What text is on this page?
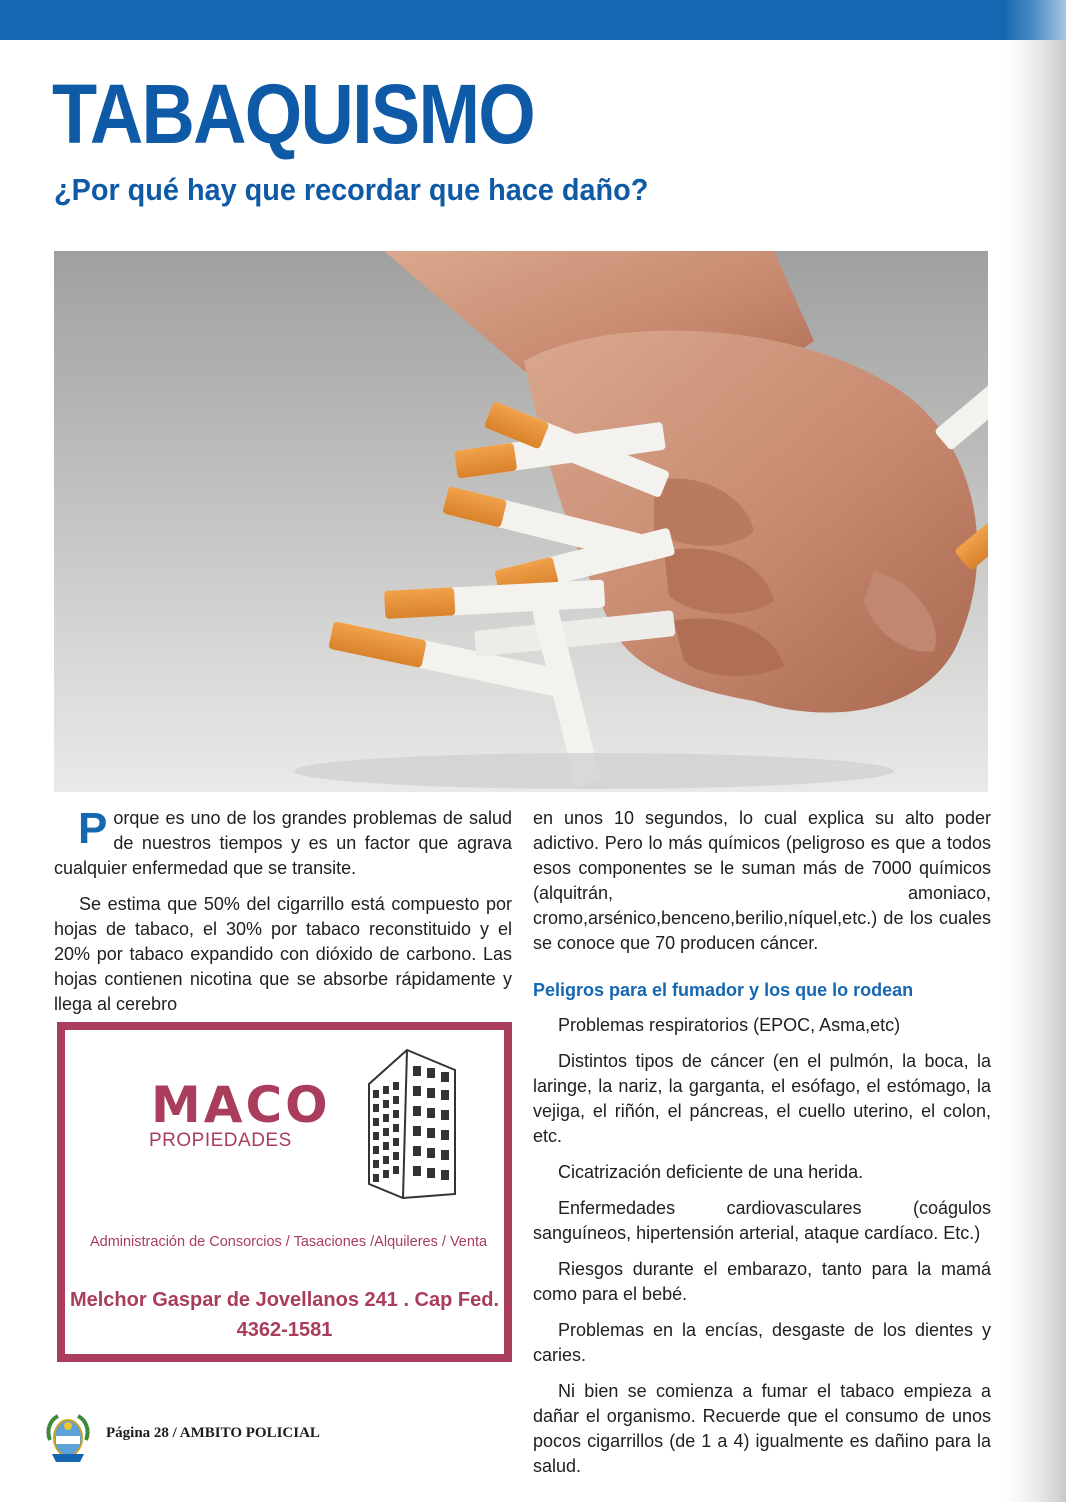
TABAQUISMO
¿Por qué hay que recordar que hace daño?

P orque es uno de los grandes problemas de salud de nuestros tiempos y es un factor que agrava cualquier enfermedad que se transite.

Se estima que 50% del cigarrillo está compuesto por hojas de tabaco, el 30% por tabaco reconstituido y el 20% por tabaco expandido con dióxido de carbono. Las hojas contienen nicotina que se absorbe rápidamente y llega al cerebro

en unos 10 segundos, lo cual explica su alto poder adictivo. Pero lo más químicos (peligroso es que a todos esos componentes se le suman más de 7000 químicos (alquitrán, amoniaco, cromo,arsénico,benceno,berilio,níquel,etc.) de los cuales se conoce que 70 producen cáncer.

Peligros para el fumador y los que lo rodean

Problemas respiratorios (EPOC, Asma,etc)

Distintos tipos de cáncer (en el pulmón, la boca, la laringe, la nariz, la garganta, el esófago, el estómago, la vejiga, el riñón, el páncreas, el cuello uterino, el colon, etc.

Cicatrización deficiente de una herida.

Enfermedades cardiovasculares (coágulos sanguíneos, hipertensión arterial, ataque cardíaco. Etc.)

Riesgos durante el embarazo, tanto para la mamá como para el bebé.

Problemas en la encías, desgaste de los dientes y caries.

Ni bien se comienza a fumar el tabaco empieza a dañar el organismo. Recuerde que el consumo de unos pocos cigarrillos (de 1 a 4) igualmente es dañino para la salud.

MACO
PROPIEDADES
Administración de Consorcios / Tasaciones /Alquileres / Venta
Melchor Gaspar de Jovellanos 241 . Cap Fed.
4362-1581
Página 28 / AMBITO POLICIAL
